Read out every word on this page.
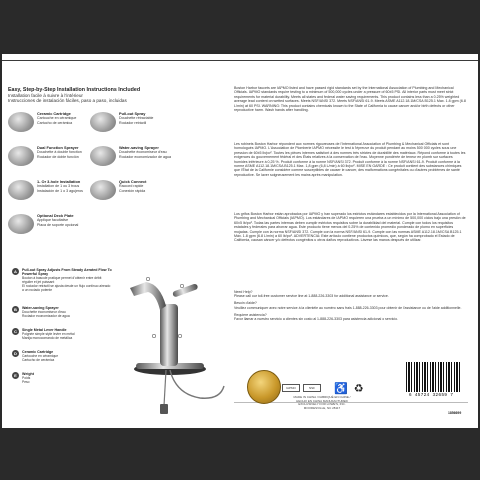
Easy, Step-by-Step Installation Instructions Included
Installation facile à suivre à l'intérieur
Instrucciones de instalación fáciles, paso a paso, incluidas
Ceramic Cartridge
Cartouche en céramique
Cartucho de cerámica
Pull-out Spray
Douchette rétractable
Rociador retráctil
Dual Function Sprayer
Douchette à double fonction
Rociador de doble función
Water-saving Sprayer
Douchette économiseur d'eau
Rociador economizador de agua
1- Or 3-hole Installation
Installation de 1 ou 3 trous
Instalación de 1 o 3 agujeros
Quick Connect
Raccord rapide
Conexión rápida
Optional Deck Plate
Applique facultative
Placa de soporte opcional
A	Pull-out Spray Adjusts From Steady Aerated Flow To Powerful Spray
Bouton à bascule pratique permet d'obtenir entre débit régulier et jet puissant
El rociador retráctil se ajusta desde un flujo continuo aireado a un rociado potente
B	Water-saving Sprayer
Douchette économiseur d'eau
Rociador economizador de agua
C	Single Metal Lever Handle
Poignée simple style levier en métal
Manija monocomando de metálica
D	Ceramic Cartridge
Cartouche en céramique
Cartucho de cerámica
E	Weight
Poids
Peso
Boston Harbor faucets are IAPMO listed and have passed rigid standards set by the International Association of Plumbing and Mechanical Officials. IAPMO standards require testing to a minimum of 500,000 cycles under a pressure of 60±5 PSI. All interior parts must meet strict requirements for material durability. Meets all states and federal water saving requirements. This product contains less than a 0.25% weighted average lead content on wetted surfaces. Meets NSF/ANSI 372. Meets NSF/ANSI 61-9. Meets ASME A112.18.1M/CSA B125.1 Max. 1.8 gpm (6.8 L/min) at 60 PSI. WARNING: This product contains chemicals known to the State of California to cause cancer and/or birth defects or other reproductive harm. Wash hands after handling.
Les robinets Boston Harbor répondent aux normes rigoureuses de l'International Association of Plumbing & Mechanical Officials et sont homologués IAPMO. L'Association de Plomberie IAPMO nécessite le test à l'épreuve du produit pendant au moins 500 000 cycles sous une pression de 60±5 lb/po². Toutes les pièces internes satisfont à des normes très strictes de durabilité des matériaux. Répond conforme à toutes les exigences du gouvernement fédéral et des États relatives à la conservation de l'eau. Moyenne pondérée de teneur en plomb sur surfaces humides inférieure à 0,25 %. Produit conforme à la norme NSF/ANSI 372. Produit conforme à la norme NSF/ANSI 61-9. Produit conforme à la norme ASME A112.18.1M/CSA B125.1 Max. 1,8 gpm (6,8 L/min) à 60 lb/po². MISE EN GARDE : Ce produit contient des substances chimiques que l'État de la Californie considère comme susceptibles de causer le cancer, des malformations congénitales ou d'autres problèmes de santé reproductive. Se laver soigneusement les mains après manipulation.
Los grifos Boston Harbor están aprobados por IAPMO y han superado los estrictos estándares establecidos por la International Association of Plumbing and Mechanical Officials (IAPMO). Los estándares de IAPMO requieren una prueba a un mínimo de 500,000 ciclos bajo una presión de 60±5 lb/po². Todas las partes internas deben cumplir estrictos requisitos sobre la durabilidad del material. Cumple con todos los requisitos estatales y federales para ahorrar agua. Este producto tiene menos del 0.25% de contenido promedio ponderado de plomo en superficies mojadas. Cumple con la norma NSF/ANSI 372. Cumple con la norma NSF/ANSI 61-9. Cumple con las normas ASME A112.18.1M/CSA B125.1 Máx. 1.8 gpm (6.8 L/min) a 60 lb/po². ADVERTENCIA: Este artículo contiene productos químicos, que, según ha comprobado el Estado de California, causan cáncer y/o defectos congénitos u otros daños reproductivos. Lávese las manos después de utilizar.
Need Help?
Please call our toll-free customer service line at 1-888-226-3303 for additional assistance or service.
Besoin d'aide?
Veuillez communiquer avec notre service à la clientèle au numéro sans frais 1-888-226-3303 pour obtenir de l'assistance ou de l'aide additionnelle.
Requiere asistencia?
Favor llamar a nuestro servicio a clientes sin costo al 1-888-226-3303 para asistencia adicional o servicio.
1856699
IAPMO	NSF	♿ ♻
MADE IN CHINA / FABRIQUÉ EN CHINE / HECHO EN CHINA MANUFACTURED EXCLUSIVELY FOR LOWE'S, INC. MOORESVILLE, NC 28117
6 45724 32659 7
